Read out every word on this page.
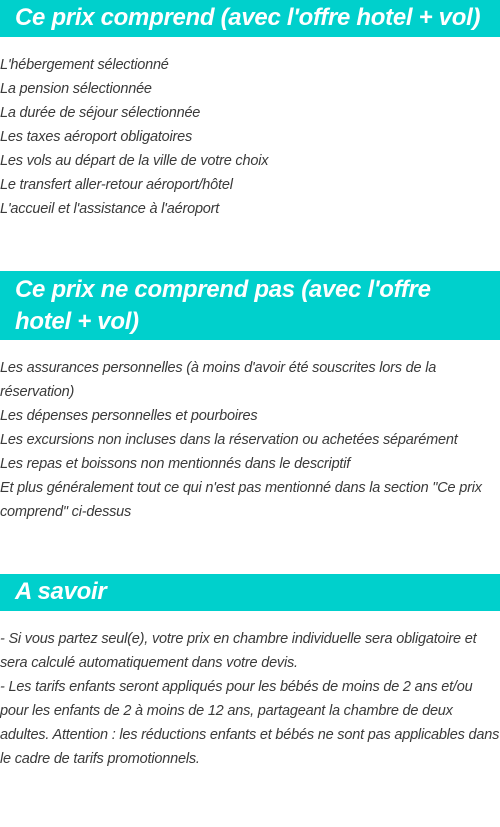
Ce prix comprend (avec l'offre hotel + vol)
L'hébergement sélectionné
La pension sélectionnée
La durée de séjour sélectionnée
Les taxes aéroport obligatoires
Les vols au départ de la ville de votre choix
Le transfert aller-retour aéroport/hôtel
L'accueil et l'assistance à l'aéroport
Ce prix ne comprend pas (avec l'offre hotel + vol)
Les assurances personnelles (à moins d'avoir été souscrites lors de la réservation)
Les dépenses personnelles et pourboires
Les excursions non incluses dans la réservation ou achetées séparément
Les repas et boissons non mentionnés dans le descriptif
Et plus généralement tout ce qui n'est pas mentionné dans la section "Ce prix comprend" ci-dessus
A savoir

- Si vous partez seul(e), votre prix en chambre individuelle sera obligatoire et sera calculé automatiquement dans votre devis.

- Les tarifs enfants seront appliqués pour les bébés de moins de 2 ans et/ou pour les enfants de 2 à moins de 12 ans, partageant la chambre de deux adultes. Attention : les réductions enfants et bébés ne sont pas applicables dans le cadre de tarifs promotionnels.
